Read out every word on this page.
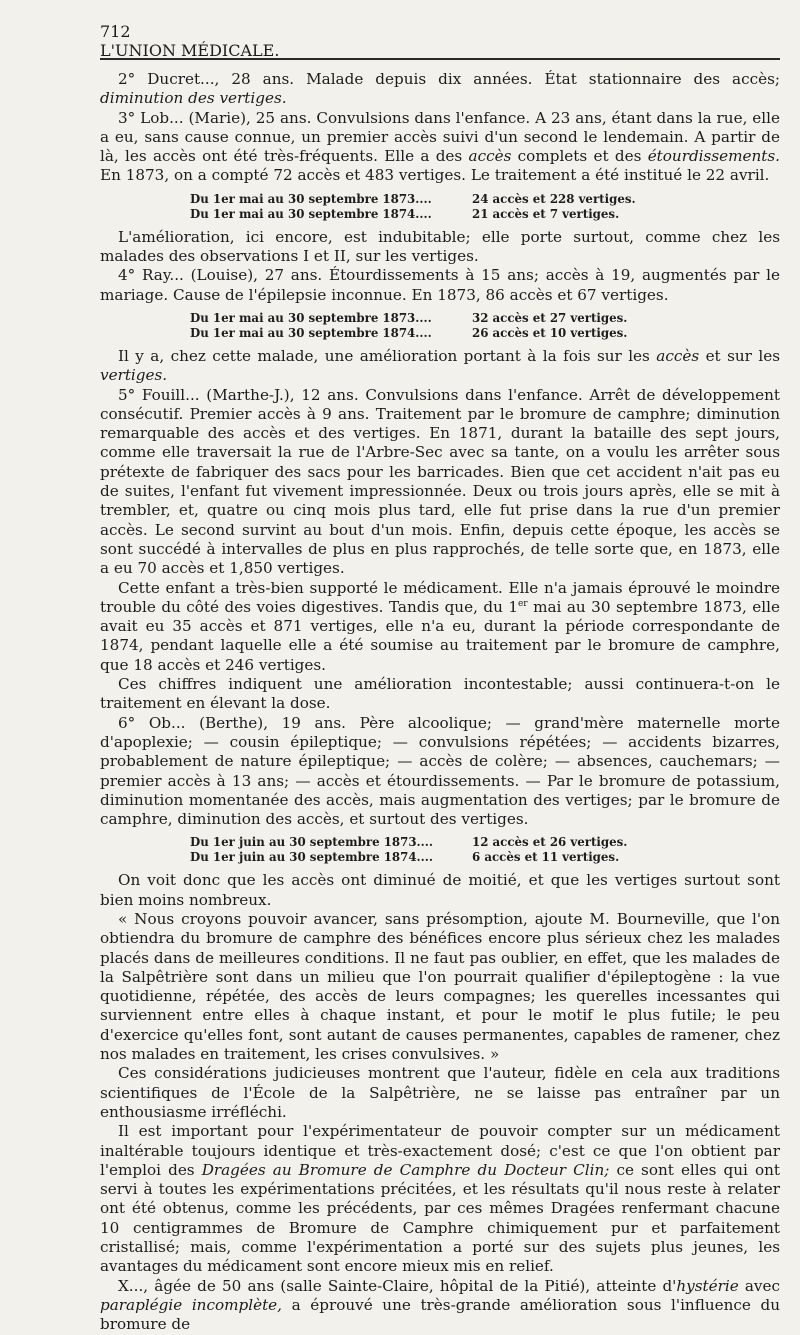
712
L'UNION MÉDICALE.

2° Ducret..., 28 ans. Malade depuis dix années. État stationnaire des accès; diminution des vertiges.

3° Lob... (Marie), 25 ans. Convulsions dans l'enfance. A 23 ans, étant dans la rue, elle a eu, sans cause connue, un premier accès suivi d'un second le lendemain. A partir de là, les accès ont été très-fréquents. Elle a des accès complets et des étourdissements. En 1873, on a compté 72 accès et 483 vertiges. Le traitement a été institué le 22 avril.

Du 1er mai au 30 septembre 1873....	24 accès et 228 vertiges.
Du 1er mai au 30 septembre 1874....	21 accès et 7 vertiges.

L'amélioration, ici encore, est indubitable; elle porte surtout, comme chez les malades des observations I et II, sur les vertiges.

4° Ray... (Louise), 27 ans. Étourdissements à 15 ans; accès à 19, augmentés par le mariage. Cause de l'épilepsie inconnue. En 1873, 86 accès et 67 vertiges.

Du 1er mai au 30 septembre 1873....	32 accès et 27 vertiges.
Du 1er mai au 30 septembre 1874....	26 accès et 10 vertiges.

Il y a, chez cette malade, une amélioration portant à la fois sur les accès et sur les vertiges.

5° Fouill... (Marthe-J.), 12 ans. Convulsions dans l'enfance. Arrêt de développement consécutif. Premier accès à 9 ans. Traitement par le bromure de camphre; diminution remarquable des accès et des vertiges. En 1871, durant la bataille des sept jours, comme elle traversait la rue de l'Arbre-Sec avec sa tante, on a voulu les arrêter sous prétexte de fabriquer des sacs pour les barricades. Bien que cet accident n'ait pas eu de suites, l'enfant fut vivement impressionnée. Deux ou trois jours après, elle se mit à trembler, et, quatre ou cinq mois plus tard, elle fut prise dans la rue d'un premier accès. Le second survint au bout d'un mois. Enfin, depuis cette époque, les accès se sont succédé à intervalles de plus en plus rapprochés, de telle sorte que, en 1873, elle a eu 70 accès et 1,850 vertiges.

Cette enfant a très-bien supporté le médicament. Elle n'a jamais éprouvé le moindre trouble du côté des voies digestives. Tandis que, du 1er mai au 30 septembre 1873, elle avait eu 35 accès et 871 vertiges, elle n'a eu, durant la période correspondante de 1874, pendant laquelle elle a été soumise au traitement par le bromure de camphre, que 18 accès et 246 vertiges.

Ces chiffres indiquent une amélioration incontestable; aussi continuera-t-on le traitement en élevant la dose.

6° Ob... (Berthe), 19 ans. Père alcoolique; — grand'mère maternelle morte d'apoplexie; — cousin épileptique; — convulsions répétées; — accidents bizarres, probablement de nature épileptique; — accès de colère; — absences, cauchemars; — premier accès à 13 ans; — accès et étourdissements. — Par le bromure de potassium, diminution momentanée des accès, mais augmentation des vertiges; par le bromure de camphre, diminution des accès, et surtout des vertiges.

Du 1er juin au 30 septembre 1873....	12 accès et 26 vertiges.
Du 1er juin au 30 septembre 1874....	6 accès et 11 vertiges.

On voit donc que les accès ont diminué de moitié, et que les vertiges surtout sont bien moins nombreux.

« Nous croyons pouvoir avancer, sans présomption, ajoute M. Bourneville, que l'on obtiendra du bromure de camphre des bénéfices encore plus sérieux chez les malades placés dans de meilleures conditions. Il ne faut pas oublier, en effet, que les malades de la Salpêtrière sont dans un milieu que l'on pourrait qualifier d'épileptogène : la vue quotidienne, répétée, des accès de leurs compagnes; les querelles incessantes qui surviennent entre elles à chaque instant, et pour le motif le plus futile; le peu d'exercice qu'elles font, sont autant de causes permanentes, capables de ramener, chez nos malades en traitement, les crises convulsives. »

Ces considérations judicieuses montrent que l'auteur, fidèle en cela aux traditions scientifiques de l'École de la Salpêtrière, ne se laisse pas entraîner par un enthousiasme irréfléchi.

Il est important pour l'expérimentateur de pouvoir compter sur un médicament inaltérable toujours identique et très-exactement dosé; c'est ce que l'on obtient par l'emploi des Dragées au Bromure de Camphre du Docteur Clin; ce sont elles qui ont servi à toutes les expérimentations précitées, et les résultats qu'il nous reste à relater ont été obtenus, comme les précédents, par ces mêmes Dragées renfermant chacune 10 centigrammes de Bromure de Camphre chimiquement pur et parfaitement cristallisé; mais, comme l'expérimentation a porté sur des sujets plus jeunes, les avantages du médicament sont encore mieux mis en relief.

X..., âgée de 50 ans (salle Sainte-Claire, hôpital de la Pitié), atteinte d'hystérie avec paraplégie incomplète, a éprouvé une très-grande amélioration sous l'influence du bromure de
